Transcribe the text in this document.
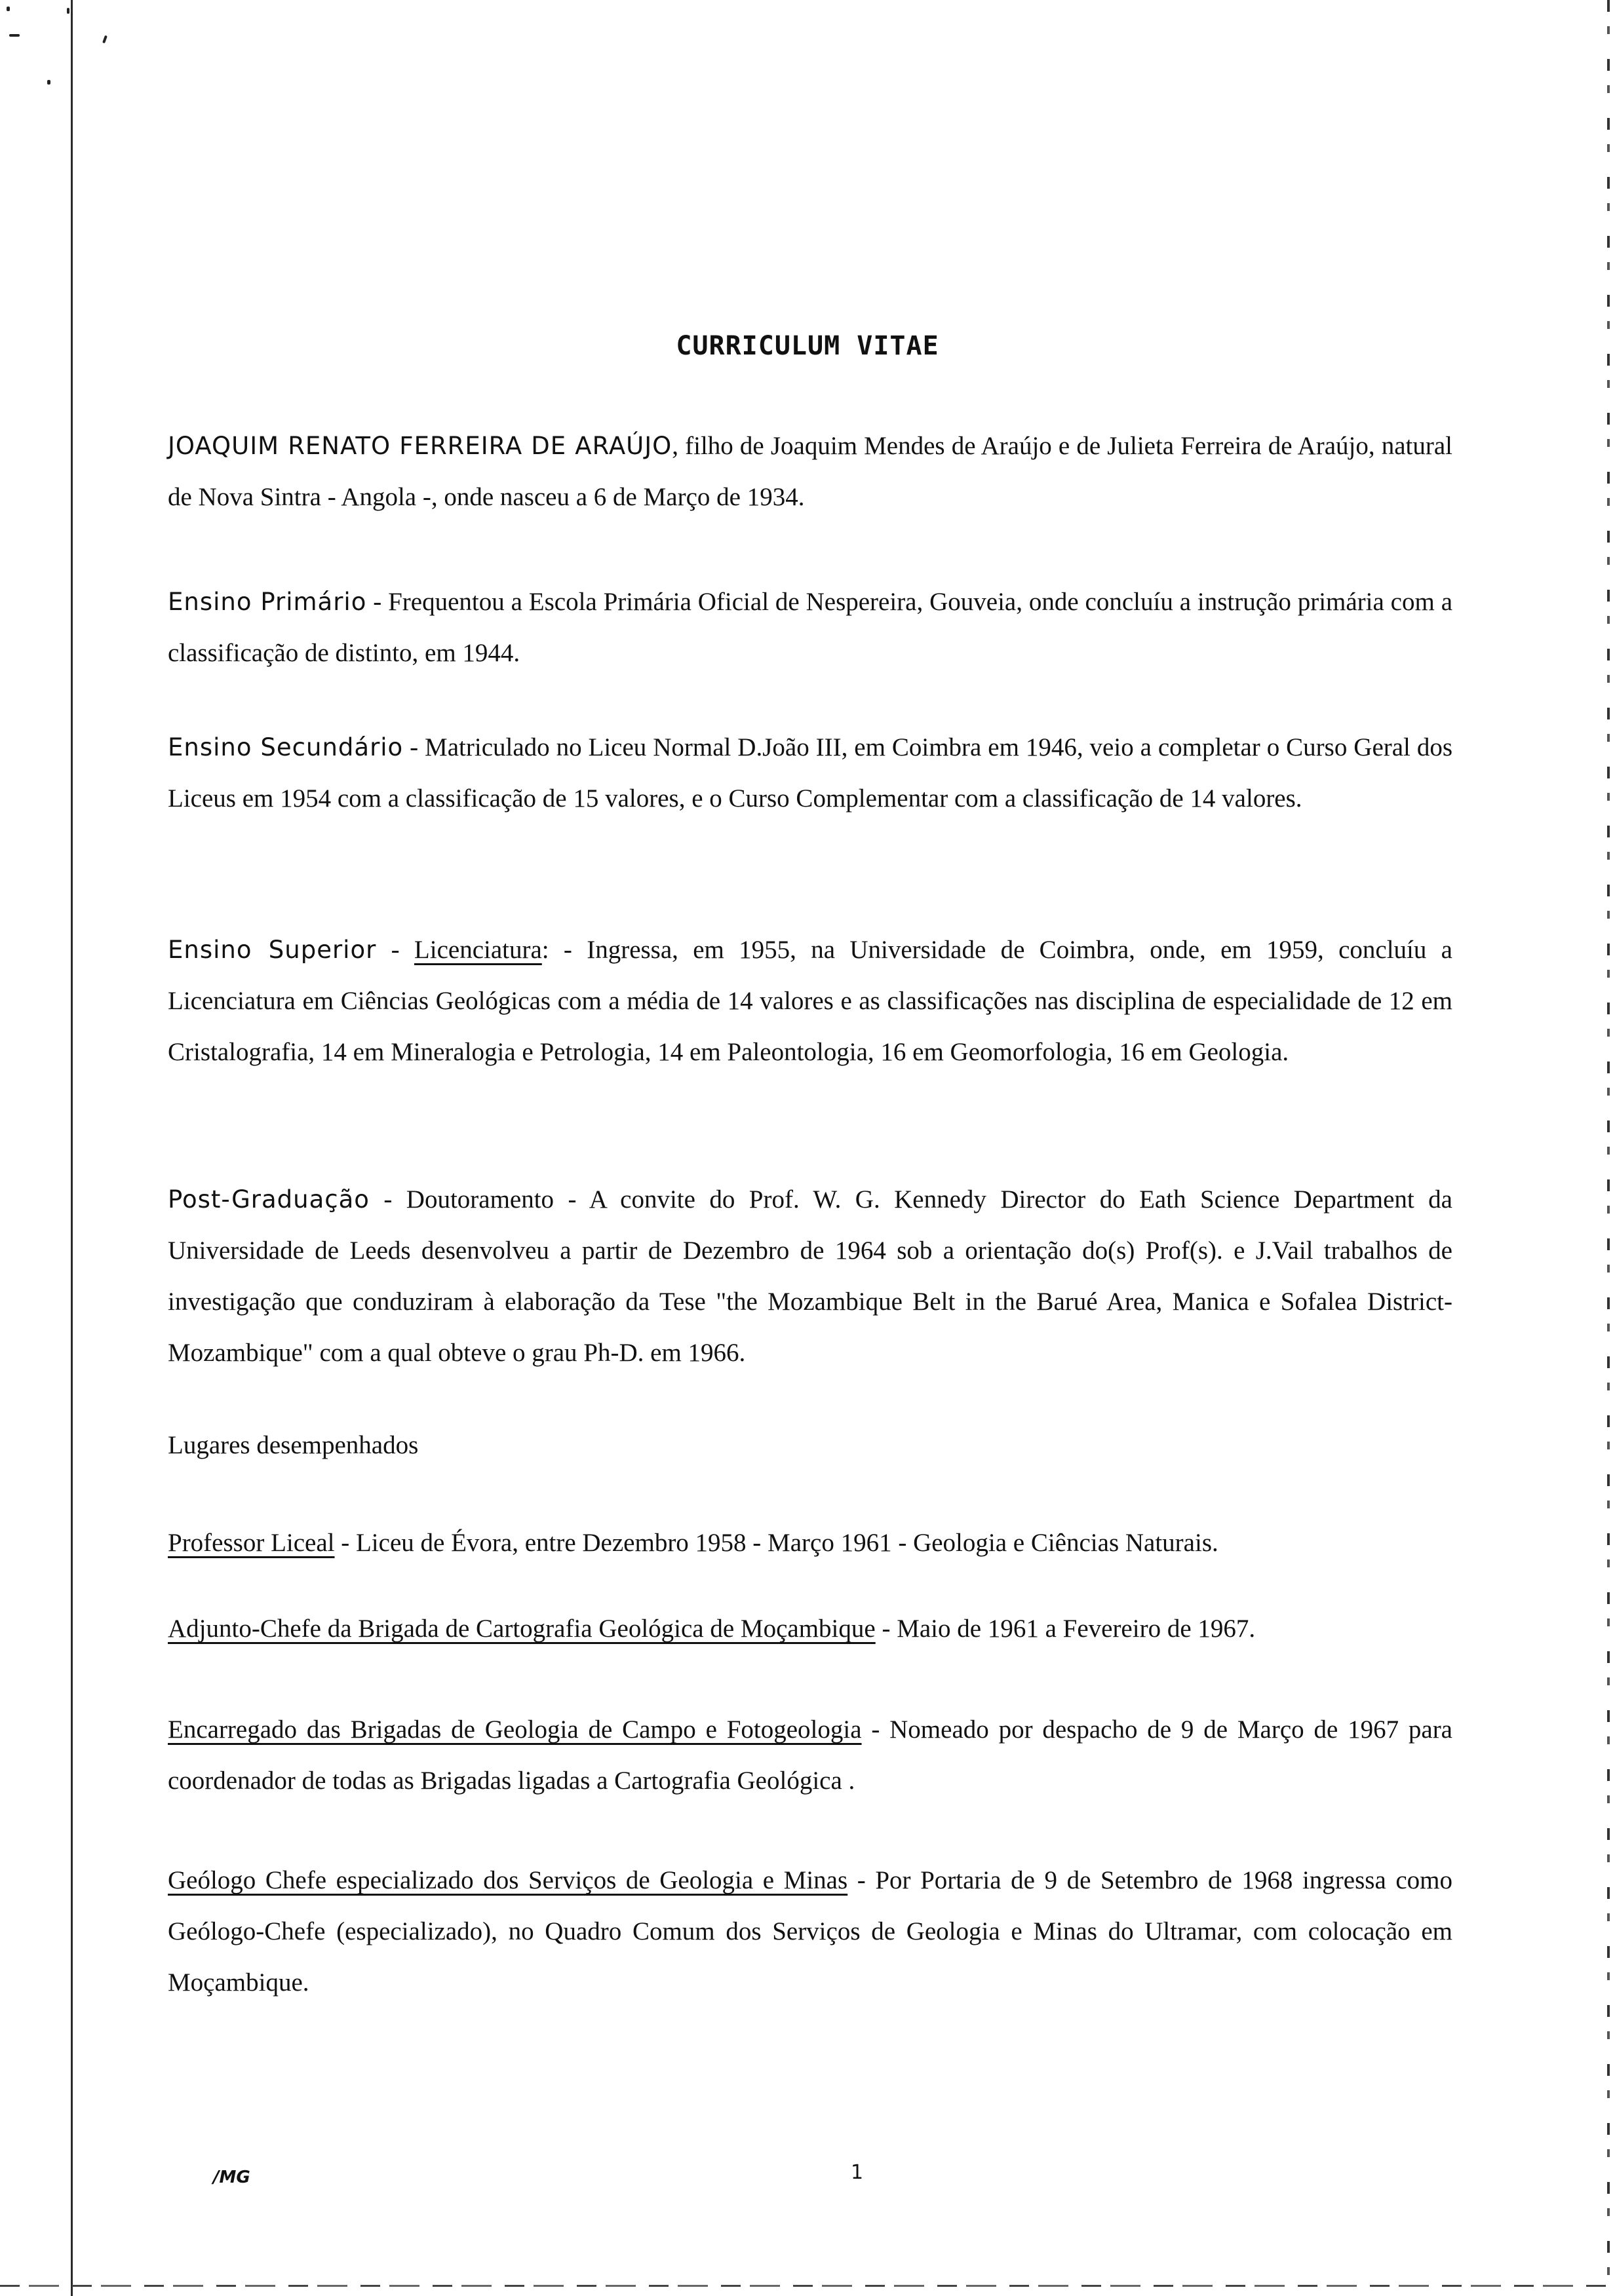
CURRICULUM VITAE

JOAQUIM RENATO FERREIRA DE ARAÚJO, filho de Joaquim Mendes de Araújo e de Julieta Ferreira de Araújo, natural de Nova Sintra - Angola -, onde nasceu a 6 de Março de 1934.

Ensino Primário - Frequentou a Escola Primária Oficial de Nespereira, Gouveia, onde concluíu a instrução primária com a classificação de distinto, em 1944.

Ensino Secundário - Matriculado no Liceu Normal D.João III, em Coimbra em 1946, veio a completar o Curso Geral dos Liceus em 1954 com a classificação de 15 valores, e o Curso Complementar com a classificação de 14 valores.

Ensino Superior - Licenciatura: - Ingressa, em 1955, na Universidade de Coimbra, onde, em 1959, concluíu a Licenciatura em Ciências Geológicas com a média de 14 valores e as classificações nas disciplina de especialidade de 12 em Cristalografia, 14 em Mineralogia e Petrologia, 14 em Paleontologia, 16 em Geomorfologia, 16 em Geologia.

Post-Graduação - Doutoramento - A convite do Prof. W. G. Kennedy Director do Eath Science Department da Universidade de Leeds desenvolveu a partir de Dezembro de 1964 sob a orientação do(s) Prof(s). e J.Vail trabalhos de investigação que conduziram à elaboração da Tese "the Mozambique Belt in the Barué Area, Manica e Sofalea District-Mozambique" com a qual obteve o grau Ph-D. em 1966.

Lugares desempenhados

Professor Liceal - Liceu de Évora, entre Dezembro 1958 - Março 1961 - Geologia e Ciências Naturais.

Adjunto-Chefe da Brigada de Cartografia Geológica de Moçambique - Maio de 1961 a Fevereiro de 1967.

Encarregado das Brigadas de Geologia de Campo e Fotogeologia - Nomeado por despacho de 9 de Março de 1967 para coordenador de todas as Brigadas ligadas a Cartografia Geológica .

Geólogo Chefe especializado dos Serviços de Geologia e Minas - Por Portaria de 9 de Setembro de 1968 ingressa como Geólogo-Chefe (especializado), no Quadro Comum dos Serviços de Geologia e Minas do Ultramar, com colocação em Moçambique.

/MG	1
